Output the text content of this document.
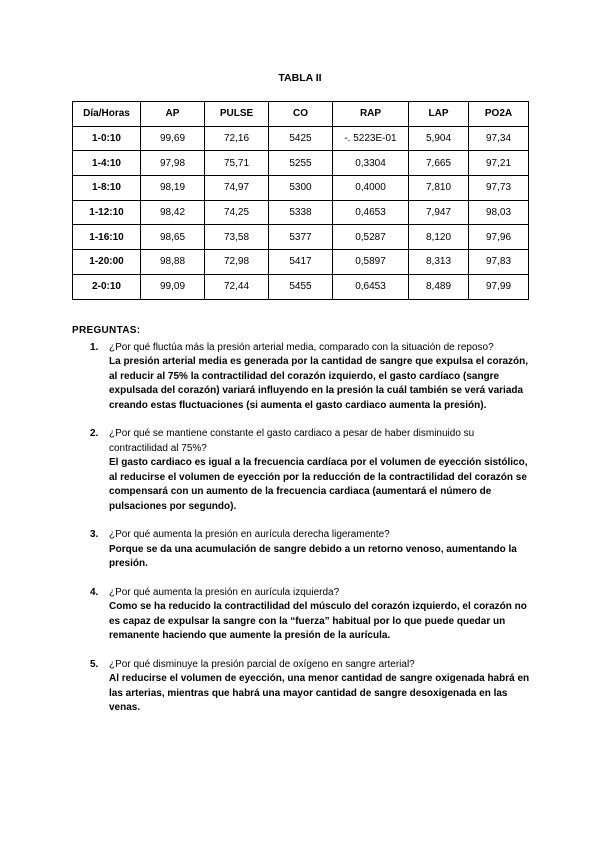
TABLA II
Día/Horas	AP	PULSE	CO	RAP	LAP	PO2A
1-0:10	99,69	72,16	5425	-. 5223E-01	5,904	97,34
1-4:10	97,98	75,71	5255	0,3304	7,665	97,21
1-8:10	98,19	74,97	5300	0,4000	7,810	97,73
1-12:10	98,42	74,25	5338	0,4653	7,947	98,03
1-16:10	98,65	73,58	5377	0,5287	8,120	97,96
1-20:00	98,88	72,98	5417	0,5897	8,313	97,83
2-0:10	99,09	72,44	5455	0,6453	8,489	97,99
PREGUNTAS:
1. ¿Por qué fluctúa más la presión arterial media, comparado con la situación de reposo?
La presión arterial media es generada por la cantidad de sangre que expulsa el corazón, al reducir al 75% la contractilidad del corazón izquierdo, el gasto cardíaco (sangre expulsada del corazón) variará influyendo en la presión la cuál también se verá variada creando estas fluctuaciones (si aumenta el gasto cardiaco aumenta la presión).
2. ¿Por qué se mantiene constante el gasto cardiaco a pesar de haber disminuido su contractilidad al 75%?
El gasto cardiaco es igual a la frecuencia cardíaca por el volumen de eyección sistólico, al reducirse el volumen de eyección por la reducción de la contractilidad del corazón se compensará con un aumento de la frecuencia cardiaca (aumentará el número de pulsaciones por segundo).
3. ¿Por qué aumenta la presión en aurícula derecha ligeramente?
Porque se da una acumulación de sangre debido a un retorno venoso, aumentando la presión.
4. ¿Por qué aumenta la presión en aurícula izquierda?
Como se ha reducido la contractilidad del músculo del corazón izquierdo, el corazón no es capaz de expulsar la sangre con la “fuerza” habitual por lo que puede quedar un remanente haciendo que aumente la presión de la aurícula.
5. ¿Por qué disminuye la presión parcial de oxígeno en sangre arterial?
Al reducirse el volumen de eyección, una menor cantidad de sangre oxigenada habrá en las arterias, mientras que habrá una mayor cantidad de sangre desoxigenada en las venas.
